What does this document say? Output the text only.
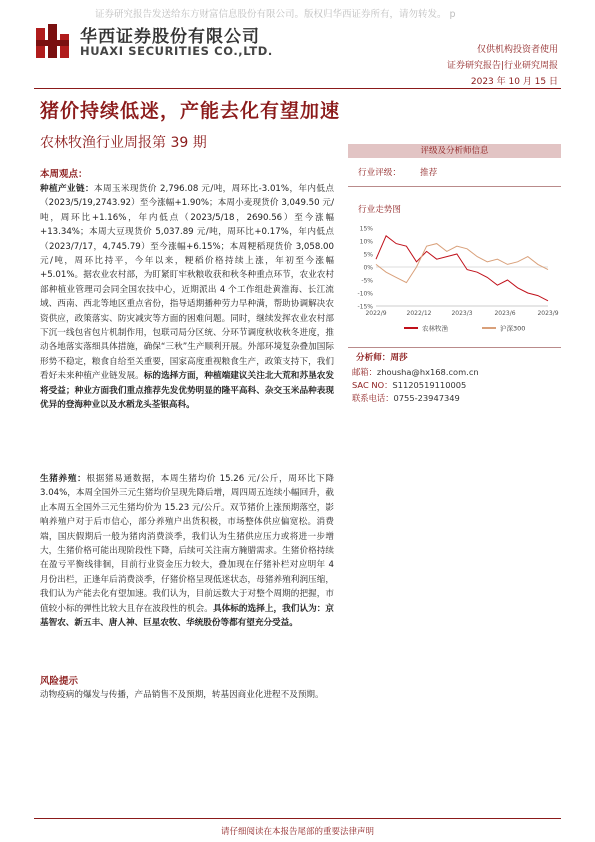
证券研究报告发送给东方财富信息股份有限公司。版权归华西证券所有，请勿转发。 p
华西证券股份有限公司
HUAXI SECURITIES CO.,LTD.	仅供机构投资者使用
证券研究报告|行业研究周报
2023 年 10 月 15 日
猪价持续低迷，产能去化有望加速
农林牧渔行业周报第 39 期
本周观点：
种植产业链：本周玉米现货价 2,796.08 元/吨，周环比-3.01%，年内低点（2023/5/19,2743.92）至今涨幅+1.90%；本周小麦现货价 3,049.50 元/吨，周环比+1.16%，年内低点（2023/5/18，2690.56）至今涨幅+13.34%；本周大豆现货价 5,037.89 元/吨，周环比+0.17%，年内低点（2023/7/17，4,745.79）至今涨幅+6.15%；本周粳稻现货价 3,058.00 元/吨，周环比持平，今年以来，粳稻价格持续上涨，年初至今涨幅+5.01%。据农业农村部，为盯紧盯牢秋粮收获和秋冬种重点环节，农业农村部种植业管理司会同全国农技中心，近期派出 4 个工作组赴黄淮海、长江流域、西南、西北等地区重点省份，指导适期播种劳力早种满，帮助协调解决农资供应，政策落实、防灾减灾等方面的困难问题。同时，继续发挥农业农村部下沉一线包省包片机制作用，包联司局分区统、分环节调度秋收秋冬进度，推动各地落实落细具体措施，确保“三秋”生产顺利开展。外部环境复杂叠加国际形势不稳定，粮食自给至关重要，国家高度重视粮食生产，政策支持下，我们看好未来种植产业链发展。标的选择方面，种植端建议关注北大荒和苏垦农发将受益；种业方面我们重点推荐先发优势明显的隆平高科、杂交玉米品种表现优异的登海种业以及水稻龙头荃银高科。
生猪养殖：根据猪易通数据，本周生猪均价 15.26 元/公斤，周环比下降 3.04%，本周全国外三元生猪均价呈现先降后增，周四周五连续小幅回升，截止本周五全国外三元生猪均价为 15.23 元/公斤。双节猪价上涨预期落空，影响养殖户对于后市信心，部分养殖户出货积极，市场整体供应偏宽松。消费端，国庆假期后一般为猪肉消费淡季，我们认为生猪供应压力或将进一步增大，生猪价格可能出现阶段性下降，后续可关注南方腌腊需求。生猪价格持续在盈亏平衡线徘徊，目前行业资金压力较大，叠加现在仔猪补栏对应明年 4 月份出栏，正逢年后消费淡季，仔猪价格呈现低迷状态，母猪养殖利润压缩，我们认为产能去化有望加速。我们认为，目前远数大于对整个周期的把握，市值较小标的弹性比较大且存在波段性的机会。具体标的选择上，我们认为：京基智农、新五丰、唐人神、巨星农牧、华统股份等都有望充分受益。
风险提示
动物疫病的爆发与传播，产品销售不及预期，转基因商业化进程不及预期。
评级及分析师信息
行业评级： 推荐
行业走势图
15%
10%
5%
0%
-5%
-10%
-15%
2022/9	2022/12	2023/3	2023/6	2023/9
农林牧渔	沪深300
分析师：周莎
邮箱：zhousha@hx168.com.cn
SAC NO：S1120519110005
联系电话：0755-23947349
请仔细阅读在本报告尾部的重要法律声明
